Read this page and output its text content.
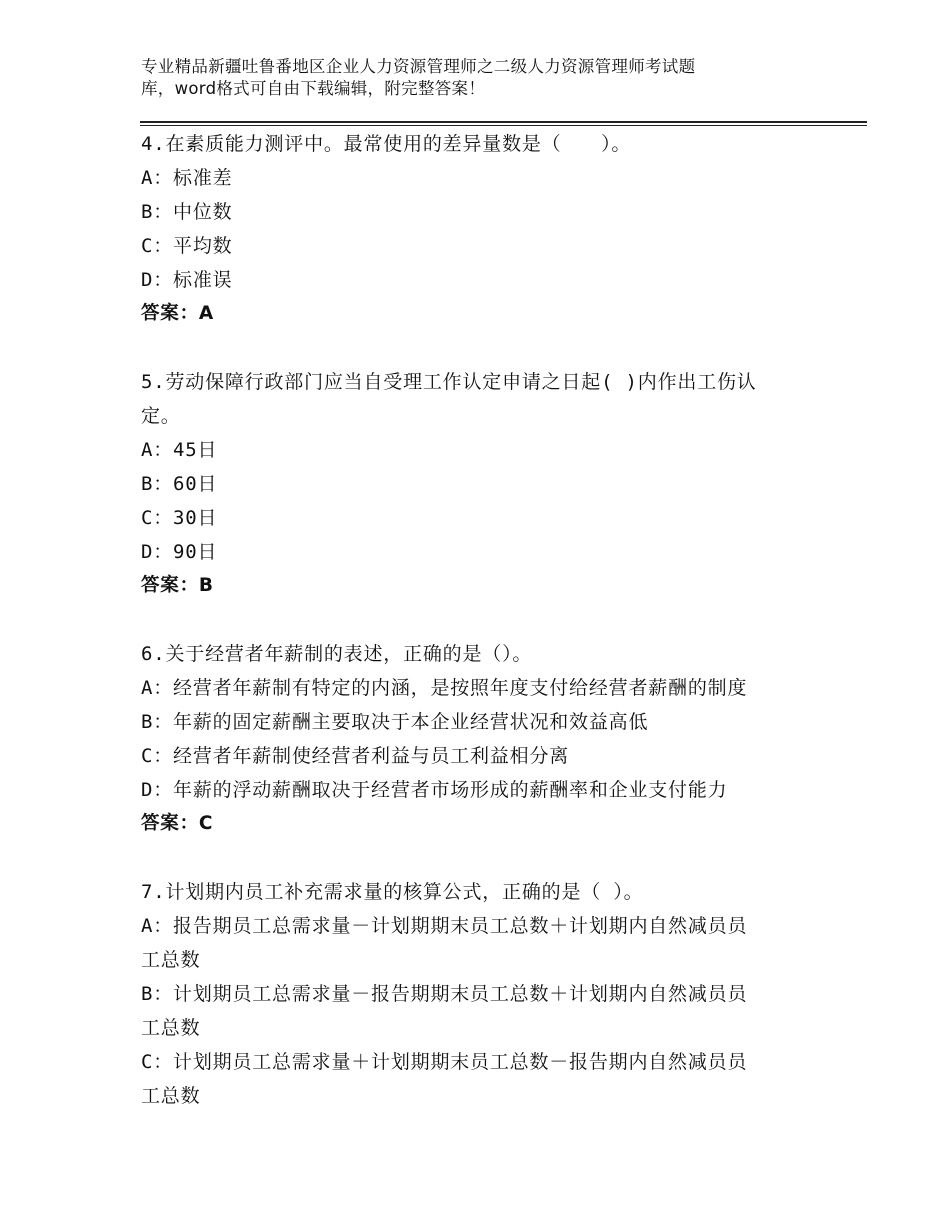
专业精品新疆吐鲁番地区企业人力资源管理师之二级人力资源管理师考试题
库，word格式可自由下载编辑，附完整答案！
4.在素质能力测评中。最常使用的差异量数是（　　）。
A：标准差
B：中位数
C：平均数
D：标准误
答案：A
5.劳动保障行政部门应当自受理工作认定申请之日起( )内作出工伤认
定。
A：45日
B：60日
C：30日
D：90日
答案：B
6.关于经营者年薪制的表述，正确的是（）。
A：经营者年薪制有特定的内涵，是按照年度支付给经营者薪酬的制度
B：年薪的固定薪酬主要取决于本企业经营状况和效益高低
C：经营者年薪制使经营者利益与员工利益相分离
D：年薪的浮动薪酬取决于经营者市场形成的薪酬率和企业支付能力
答案：C
7.计划期内员工补充需求量的核算公式，正确的是（ ）。
A：报告期员工总需求量－计划期期末员工总数＋计划期内自然减员员
工总数
B：计划期员工总需求量－报告期期末员工总数＋计划期内自然减员员
工总数
C：计划期员工总需求量＋计划期期末员工总数－报告期内自然减员员
工总数
